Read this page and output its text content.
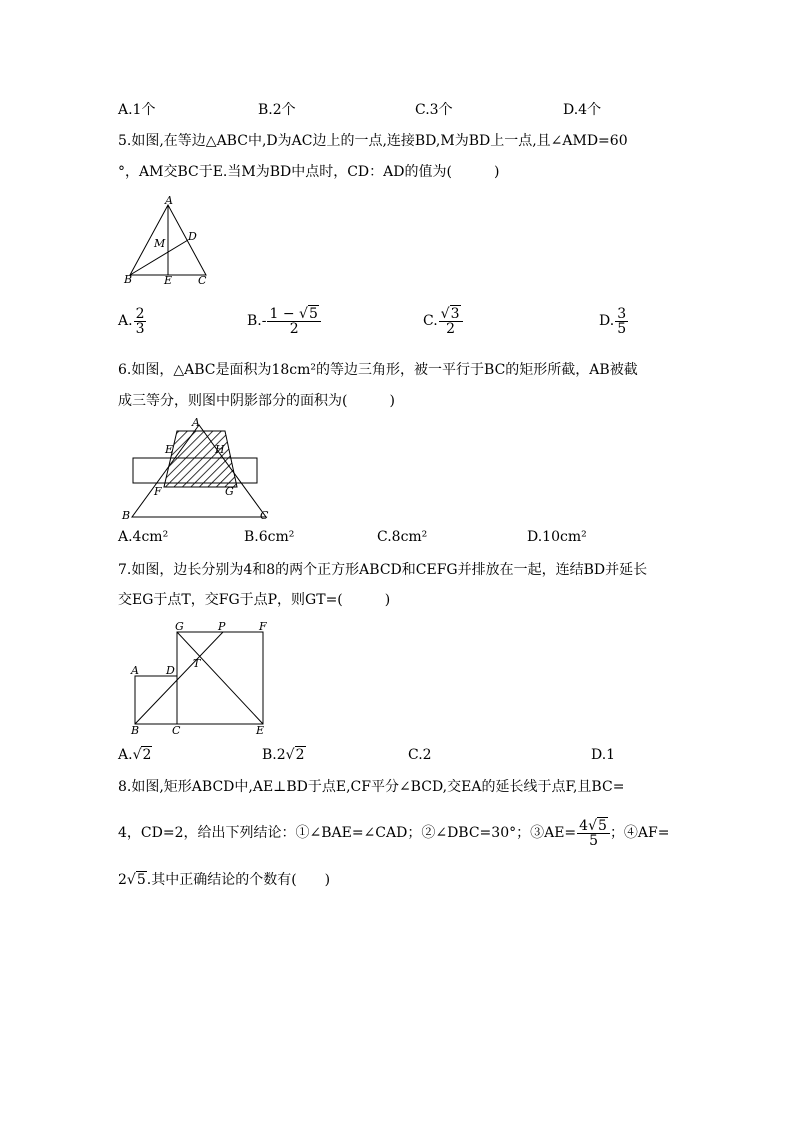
A.1个	B.2个	C.3个	D.4个
5.如图,在等边△ABC中,D为AC边上的一点,连接BD,M为BD上一点,且∠AMD=60
°，AM交BC于E.当M为BD中点时，CD：AD的值为(　　　)
A
D
M
B	E C
A. $\frac{2}{3}$	$B.- \frac{1 - √5}{2}$	C. $\frac{√3}{2}$	D. $\frac{3}{5}$
6.如图，△ABC是面积为18cm²的等边三角形，被一平行于BC的矩形所截，AB被截
成三等分，则图中阴影部分的面积为(　　　)
A
E	H
F	G
B	C
A.4cm²	B.6cm²	C.8cm²	D.10cm²
7.如图，边长分别为4和8的两个正方形ABCD和CEFG并排放在一起，连结BD并延长
交EG于点T，交FG于点P，则GT=(　　　)
G	P	F
A D
T
B	C	E
A.√2	B.2√2	C.2	D.1
8.如图,矩形ABCD中,AE⊥BD于点E,CF平分∠BCD,交EA的延长线于点F,且BC=
4，CD=2，给出下列结论：①∠BAE=∠CAD；②∠DBC=30°；③AE= $\frac{4√5}{5}$ ；④AF=
2√5.其中正确结论的个数有(　　)
